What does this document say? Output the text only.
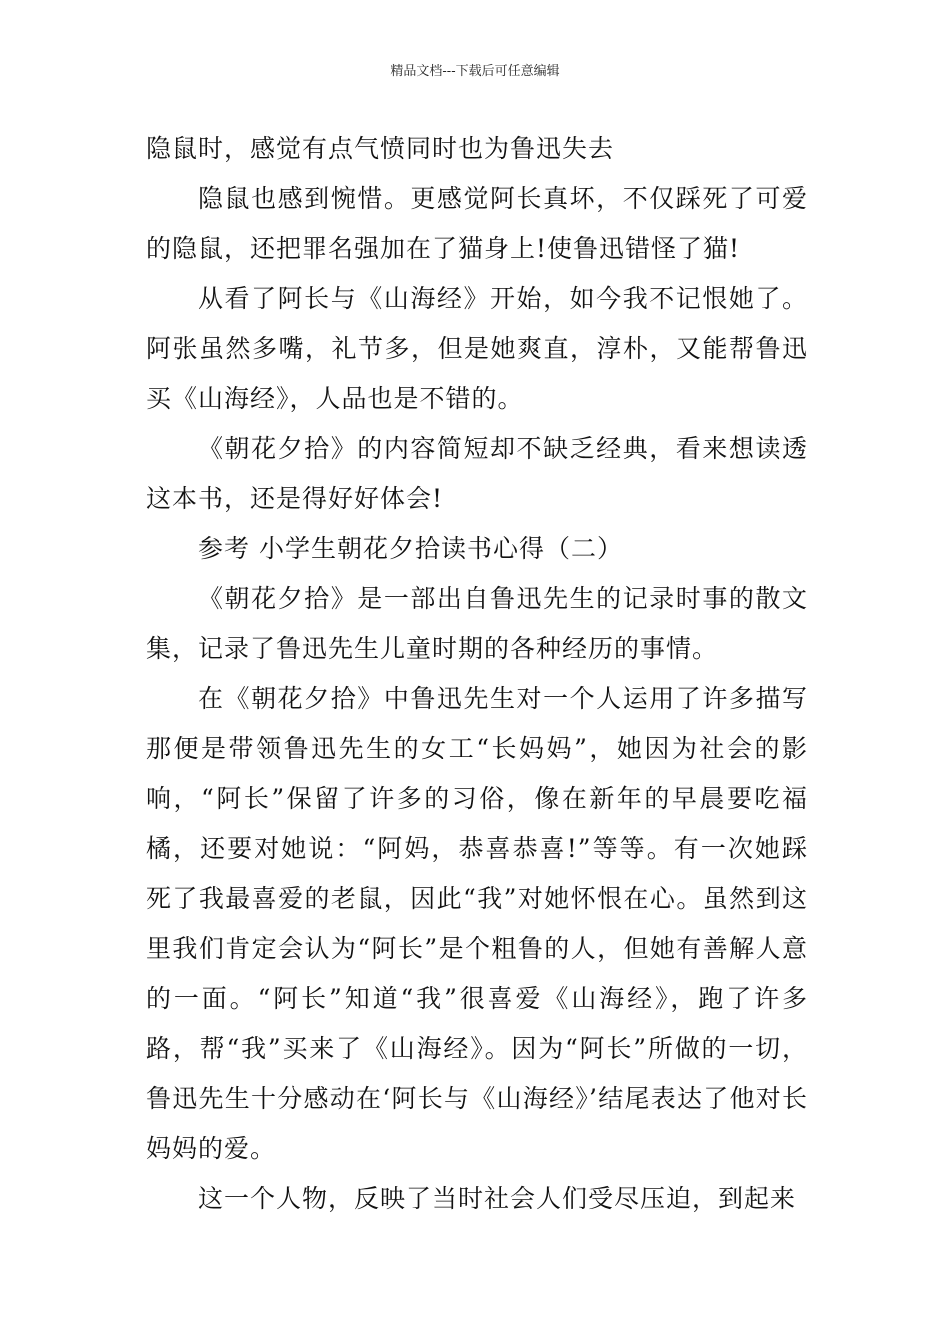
精品文档---下载后可任意编辑

隐鼠时，感觉有点气愤同时也为鲁迅失去

隐鼠也感到惋惜。更感觉阿长真坏，不仅踩死了可爱的隐鼠，还把罪名强加在了猫身上!使鲁迅错怪了猫!

从看了阿长与《山海经》开始，如今我不记恨她了。阿张虽然多嘴，礼节多，但是她爽直，淳朴，又能帮鲁迅买《山海经》，人品也是不错的。

《朝花夕拾》的内容简短却不缺乏经典，看来想读透这本书，还是得好好体会!

参考 小学生朝花夕拾读书心得（二）

《朝花夕拾》是一部出自鲁迅先生的记录时事的散文集，记录了鲁迅先生儿童时期的各种经历的事情。

在《朝花夕拾》中鲁迅先生对一个人运用了许多描写那便是带领鲁迅先生的女工“长妈妈”，她因为社会的影响，“阿长”保留了许多的习俗，像在新年的早晨要吃福橘，还要对她说：“阿妈，恭喜恭喜!”等等。有一次她踩死了我最喜爱的老鼠，因此“我”对她怀恨在心。虽然到这里我们肯定会认为“阿长”是个粗鲁的人，但她有善解人意的一面。“阿长”知道“我”很喜爱《山海经》，跑了许多路，帮“我”买来了《山海经》。因为“阿长”所做的一切，鲁迅先生十分感动在‘阿长与《山海经》’结尾表达了他对长妈妈的爱。

这一个人物，反映了当时社会人们受尽压迫，到起来
